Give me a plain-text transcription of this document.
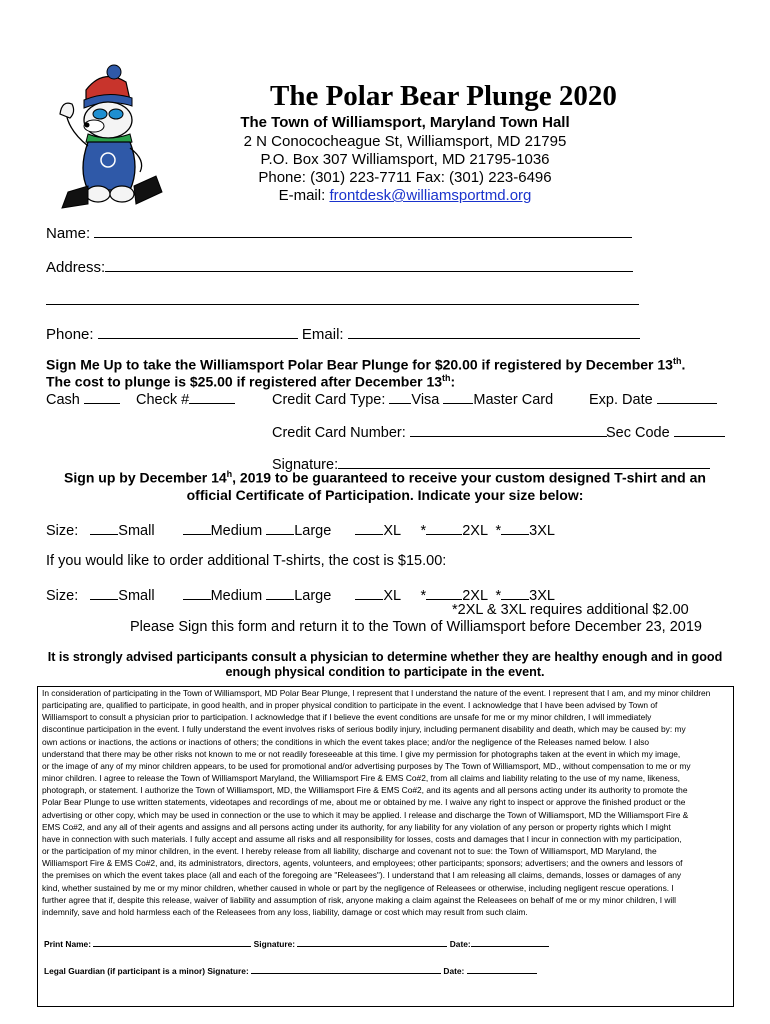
The Polar Bear Plunge 2020
The Town of Williamsport, Maryland Town Hall
2 N Conococheague St, Williamsport, MD 21795
P.O. Box 307 Williamsport, MD 21795-1036
Phone: (301) 223-7711 Fax: (301) 223-6496
E-mail: frontdesk@williamsportmd.org
Name:
Address:
Phone:	Email:
Sign Me Up to take the Williamsport Polar Bear Plunge for $20.00 if registered by December 13th.
The cost to plunge is $25.00 if registered after December 13th:
Cash	Check #	Credit Card Type: Visa Master Card Exp. Date
Credit Card Number:	Sec Code
Signature:
Sign up by December 14$^h$, 2019 to be guaranteed to receive your custom designed T-shirt and an
official Certificate of Participation. Indicate your size below:
Size:	Small	Medium Large	XL * 2XL * 3XL
If you would like to order additional T-shirts, the cost is $15.00:
Size:	Small	Medium Large	XL * 2XL * 3XL
*2XL & 3XL requires additional $2.00
Please Sign this form and return it to the Town of Williamsport before December 23, 2019
It is strongly advised participants consult a physician to determine whether they are healthy enough and in good
enough physical condition to participate in the event.
In consideration of participating in the Town of Williamsport, MD Polar Bear Plunge, I represent that I understand the nature of the event. I represent that I am, and my minor children
participating are, qualified to participate, in good health, and in proper physical condition to participate in the event. I acknowledge that I have been advised by Town of
Williamsport to consult a physician prior to participation. I acknowledge that if I believe the event conditions are unsafe for me or my minor children, I will immediately
discontinue participation in the event. I fully understand the event involves risks of serious bodily injury, including permanent disability and death, which may be caused by: my
own actions or inactions, the actions or inactions of others; the conditions in which the event takes place; and/or the negligence of the Releases named below. I also
understand that there may be other risks not known to me or not readily foreseeable at this time. I give my permission for photographs taken at the event in which my image,
or the image of any of my minor children appears, to be used for promotional and/or advertising purposes by The Town of Williamsport, MD., without compensation to me or my
minor children. I agree to release the Town of Williamsport Maryland, the Williamsport Fire & EMS Co#2, from all claims and liability relating to the use of my name, likeness,
photograph, or statement. I authorize the Town of Williamsport, MD, the Williamsport Fire & EMS Co#2, and its agents and all persons acting under its authority to promote the
Polar Bear Plunge to use written statements, videotapes and recordings of me, about me or obtained by me. I waive any right to inspect or approve the finished product or the
advertising or other copy, which may be used in connection or the use to which it may be applied. I release and discharge the Town of Williamsport, MD the Williamsport Fire &
EMS Co#2, and any all of their agents and assigns and all persons acting under its authority, for any liability for any violation of any person or property rights which I might
have in connection with such materials. I fully accept and assume all risks and all responsibility for losses, costs and damages that I incur in connection with my participation,
or the participation of my minor children, in the event. I hereby release from all liability, discharge and covenant not to sue: the Town of Williamsport, MD Maryland, the
Williamsport Fire & EMS Co#2, and, its administrators, directors, agents, volunteers, and employees; other participants; sponsors; advertisers; and the owners and lessors of
the premises on which the event takes place (all and each of the foregoing are "Releasees"). I understand that I am releasing all claims, demands, losses or damages of any
kind, whether sustained by me or my minor children, whether caused in whole or part by the negligence of Releasees or otherwise, including negligent rescue operations. I
further agree that if, despite this release, waiver of liability and assumption of risk, anyone making a claim against the Releasees on behalf of me or my minor children, I will
indemnify, save and hold harmless each of the Releasees from any loss, liability, damage or cost which may result from such claim.
Print Name:	Signature:	Date:
Legal Guardian (if participant is a minor) Signature:	Date:
